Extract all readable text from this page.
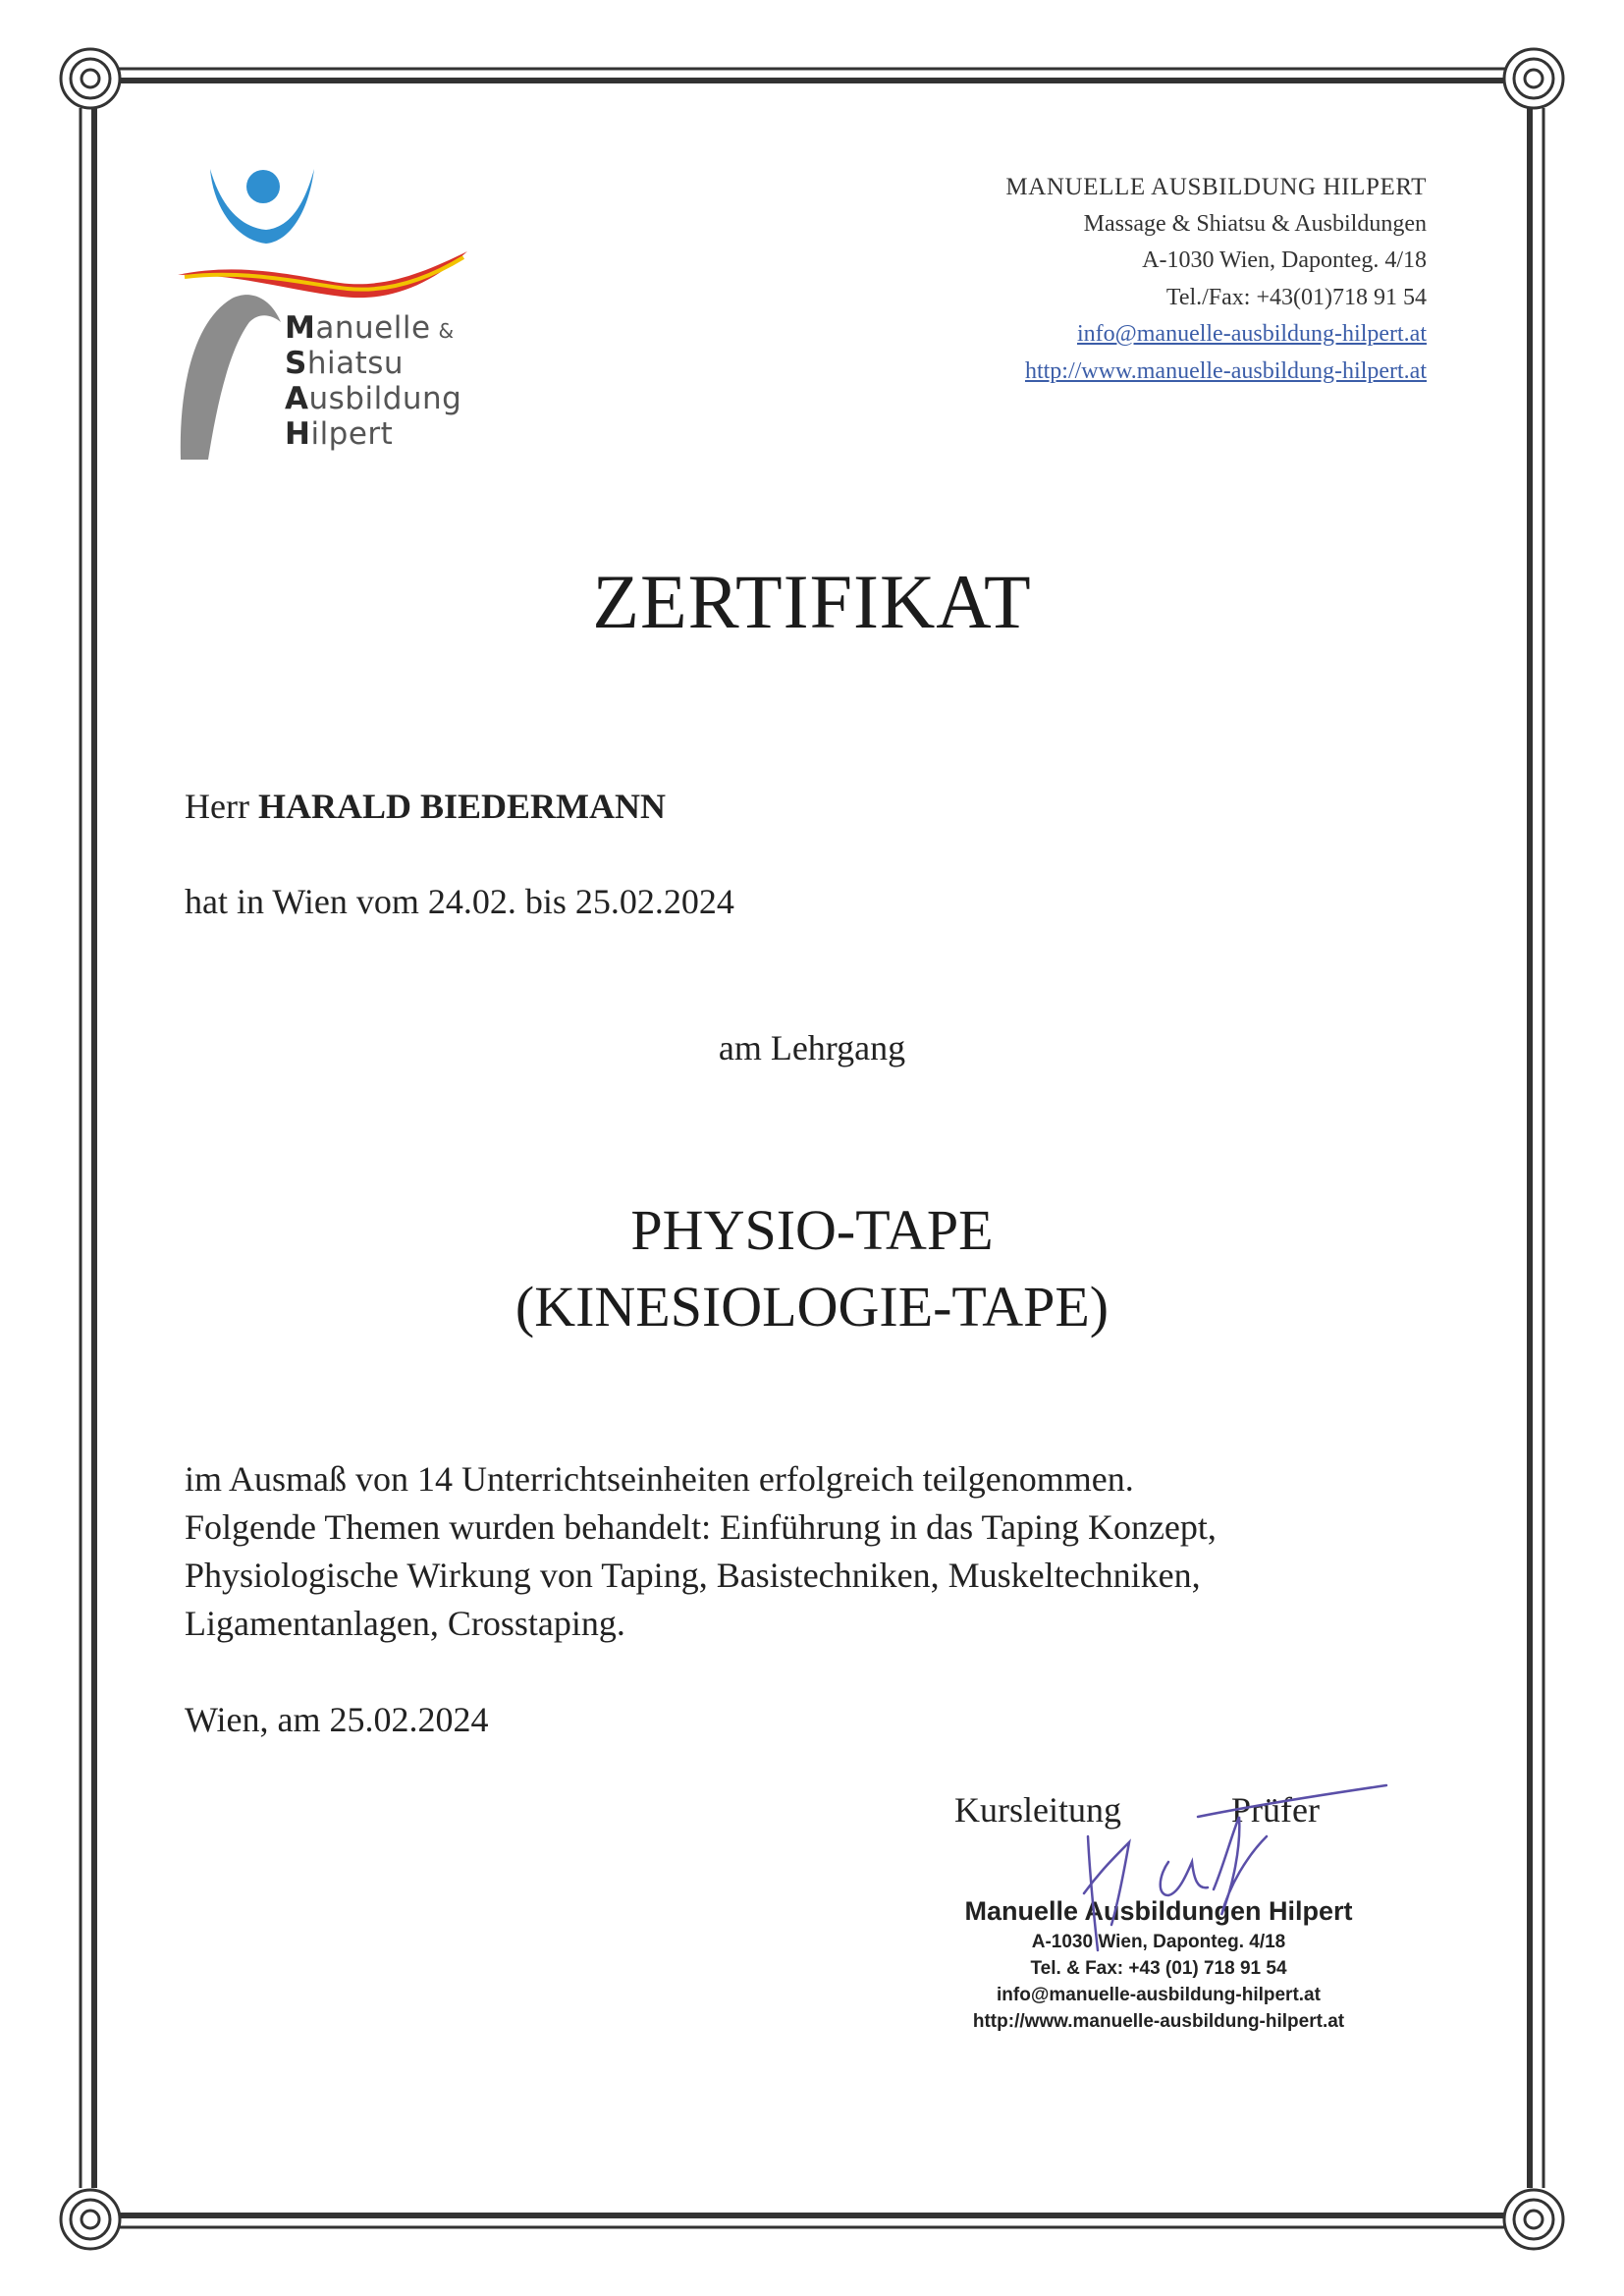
Manuelle &
Shiatsu
Ausbildung
Hilpert
MANUELLE AUSBILDUNG HILPERT
Massage & Shiatsu & Ausbildungen
A-1030 Wien, Daponteg. 4/18
Tel./Fax: +43(01)718 91 54
info@manuelle-ausbildung-hilpert.at
http://www.manuelle-ausbildung-hilpert.at
ZERTIFIKAT
Herr HARALD BIEDERMANN
hat in Wien vom 24.02. bis 25.02.2024
am Lehrgang
PHYSIO-TAPE
(KINESIOLOGIE-TAPE)
im Ausmaß von 14 Unterrichtseinheiten erfolgreich teilgenommen.
Folgende Themen wurden behandelt: Einführung in das Taping Konzept,
Physiologische Wirkung von Taping, Basistechniken, Muskeltechniken,
Ligamentanlagen, Crosstaping.
Wien, am 25.02.2024
Kursleitung	Prüfer
Manuelle Ausbildungen Hilpert
A-1030 Wien, Daponteg. 4/18
Tel. & Fax: +43 (01) 718 91 54
info@manuelle-ausbildung-hilpert.at
http://www.manuelle-ausbildung-hilpert.at
